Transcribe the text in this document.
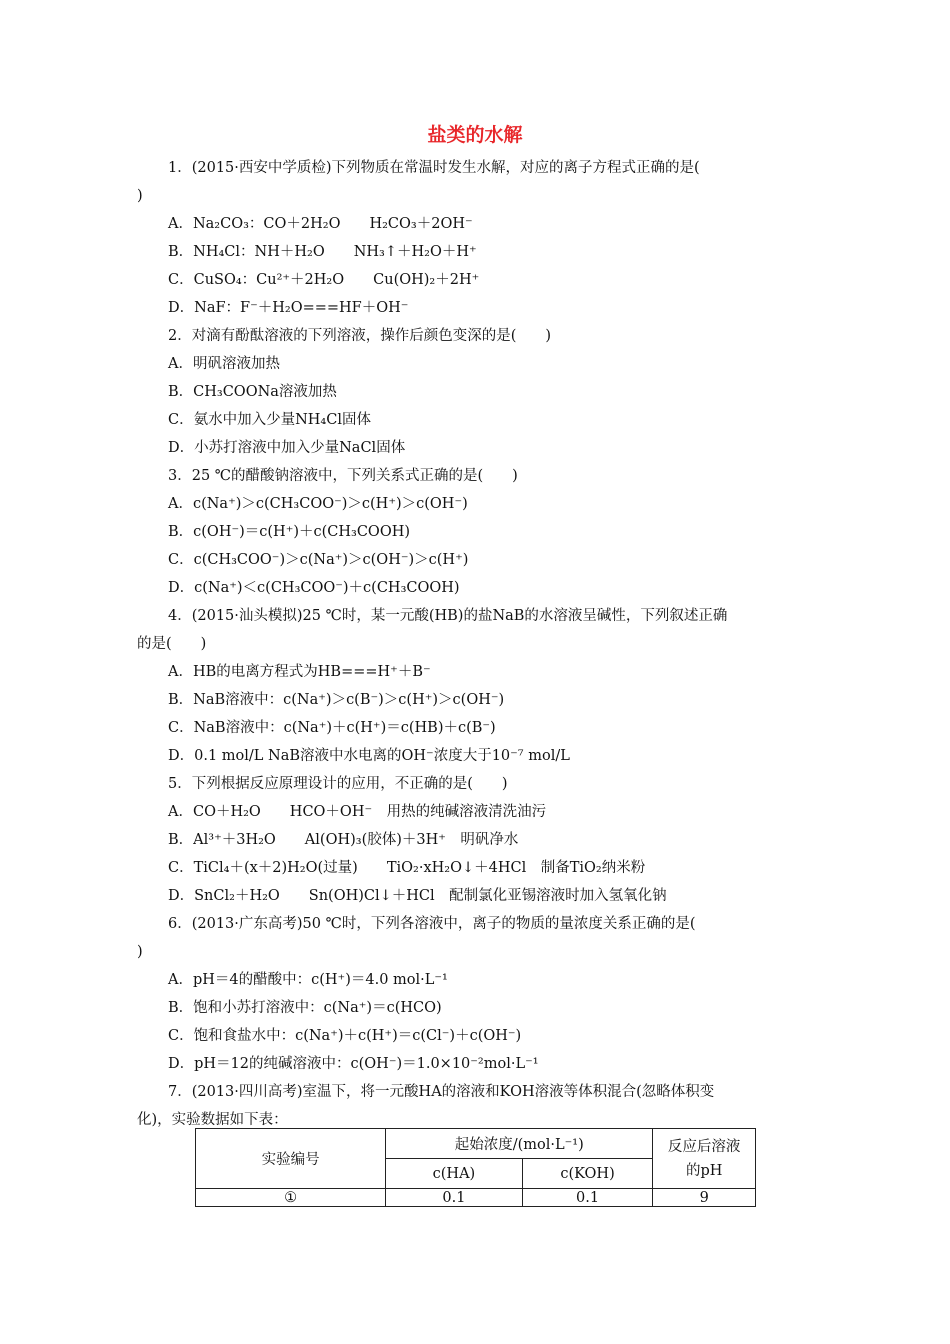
盐类的水解
1．(2015·西安中学质检)下列物质在常温时发生水解，对应的离子方程式正确的是(
)
A．Na₂CO₃：CO＋2H₂O　　H₂CO₃＋2OH⁻
B．NH₄Cl：NH＋H₂O　　NH₃↑＋H₂O＋H⁺
C．CuSO₄：Cu²⁺＋2H₂O　　Cu(OH)₂＋2H⁺
D．NaF：F⁻＋H₂O===HF＋OH⁻
2．对滴有酚酞溶液的下列溶液，操作后颜色变深的是(　　)
A．明矾溶液加热
B．CH₃COONa溶液加热
C．氨水中加入少量NH₄Cl固体
D．小苏打溶液中加入少量NaCl固体
3．25 ℃的醋酸钠溶液中，下列关系式正确的是(　　)
A．c(Na⁺)＞c(CH₃COO⁻)＞c(H⁺)＞c(OH⁻)
B．c(OH⁻)＝c(H⁺)＋c(CH₃COOH)
C．c(CH₃COO⁻)＞c(Na⁺)＞c(OH⁻)＞c(H⁺)
D．c(Na⁺)＜c(CH₃COO⁻)＋c(CH₃COOH)
4．(2015·汕头模拟)25 ℃时，某一元酸(HB)的盐NaB的水溶液呈碱性，下列叙述正确
的是(　　)
A．HB的电离方程式为HB===H⁺＋B⁻
B．NaB溶液中：c(Na⁺)＞c(B⁻)＞c(H⁺)＞c(OH⁻)
C．NaB溶液中：c(Na⁺)＋c(H⁺)＝c(HB)＋c(B⁻)
D．0.1 mol/L NaB溶液中水电离的OH⁻浓度大于10⁻⁷ mol/L
5．下列根据反应原理设计的应用，不正确的是(　　)
A．CO＋H₂O　　HCO＋OH⁻　用热的纯碱溶液清洗油污
B．Al³⁺＋3H₂O　　Al(OH)₃(胶体)＋3H⁺　明矾净水
C．TiCl₄＋(x＋2)H₂O(过量)　　TiO₂·xH₂O↓＋4HCl　制备TiO₂纳米粉
D．SnCl₂＋H₂O　　Sn(OH)Cl↓＋HCl　配制氯化亚锡溶液时加入氢氧化钠
6．(2013·广东高考)50 ℃时，下列各溶液中，离子的物质的量浓度关系正确的是(
)
A．pH＝4的醋酸中：c(H⁺)＝4.0 mol·L⁻¹
B．饱和小苏打溶液中：c(Na⁺)＝c(HCO)
C．饱和食盐水中：c(Na⁺)＋c(H⁺)＝c(Cl⁻)＋c(OH⁻)
D．pH＝12的纯碱溶液中：c(OH⁻)＝1.0×10⁻²mol·L⁻¹
7．(2013·四川高考)室温下，将一元酸HA的溶液和KOH溶液等体积混合(忽略体积变
化)，实验数据如下表：
实验编号	起始浓度/(mol·L⁻¹)		反应后溶液
的pH

	c(HA)	c(KOH)	
①	0.1	0.1	9
